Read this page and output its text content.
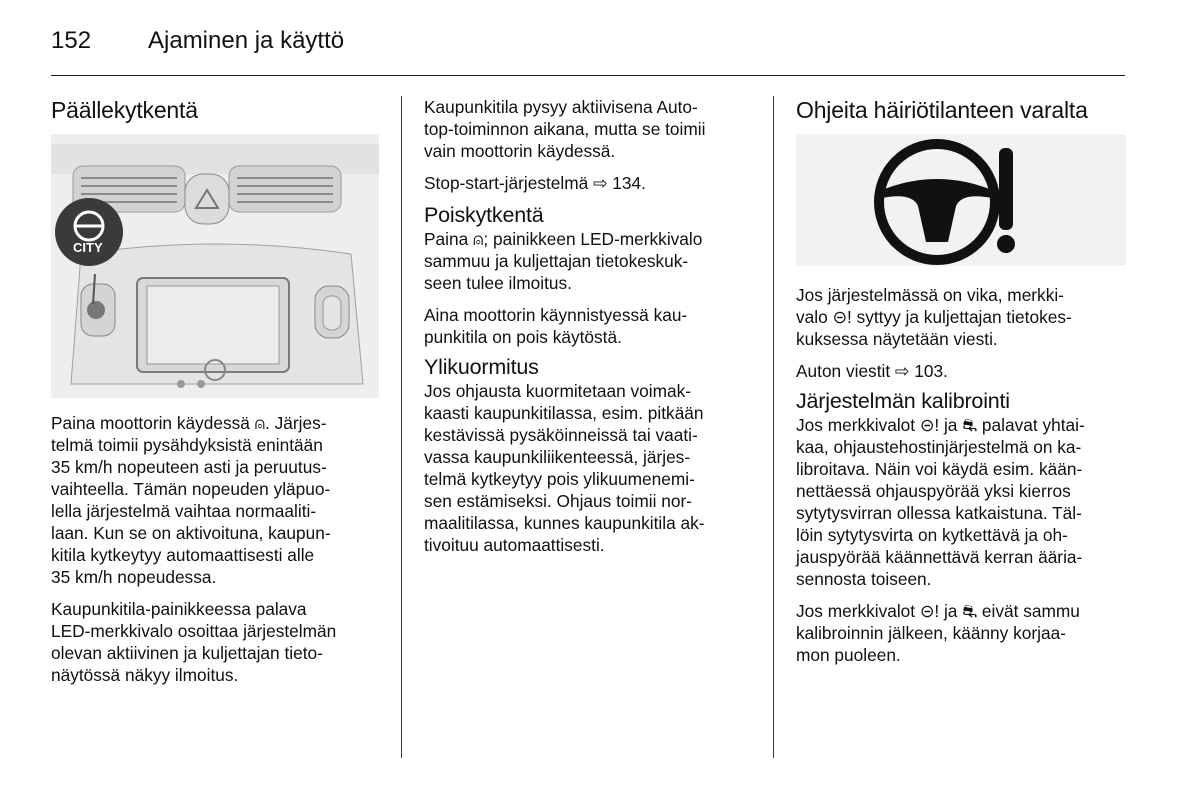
152 Ajaminen ja käyttö
Päällekytkentä
CITY

Paina moottorin käydessä ⍝. Järjes-
telmä toimii pysähdyksistä enintään
35 km/h nopeuteen asti ja peruutus-
vaihteella. Tämän nopeuden yläpuo-
lella järjestelmä vaihtaa normaaliti-
laan. Kun se on aktivoituna, kaupun-
kitila kytkeytyy automaattisesti alle
35 km/h nopeudessa.

Kaupunkitila-painikkeessa palava
LED-merkkivalo osoittaa järjestelmän
olevan aktiivinen ja kuljettajan tieto-
näytössä näkyy ilmoitus.

Kaupunkitila pysyy aktiivisena Auto-
top-toiminnon aikana, mutta se toimii
vain moottorin käydessä.

Stop-start-järjestelmä ⇨ 134.

Poiskytkentä

Paina ⍝; painikkeen LED-merkkivalo
sammuu ja kuljettajan tietokeskuk-
seen tulee ilmoitus.

Aina moottorin käynnistyessä kau-
punkitila on pois käytöstä.

Ylikuormitus

Jos ohjausta kuormitetaan voimak-
kaasti kaupunkitilassa, esim. pitkään
kestävissä pysäköinneissä tai vaati-
vassa kaupunkiliikenteessä, järjes-
telmä kytkeytyy pois ylikuumenemi-
sen estämiseksi. Ohjaus toimii nor-
maalitilassa, kunnes kaupunkitila ak-
tivoituu automaattisesti.

Ohjeita häiriötilanteen varalta

Jos järjestelmässä on vika, merkki-
valo ⊝! syttyy ja kuljettajan tietokes-
kuksessa näytetään viesti.

Auton viestit ⇨ 103.

Järjestelmän kalibrointi

Jos merkkivalot ⊝! ja ⛐ palavat yhtai-
kaa, ohjaustehostinjärjestelmä on ka-
libroitava. Näin voi käydä esim. kään-
nettäessä ohjauspyörää yksi kierros
sytytysvirran ollessa katkaistuna. Täl-
löin sytytysvirta on kytkettävä ja oh-
jauspyörää käännettävä kerran ääria-
sennosta toiseen.

Jos merkkivalot ⊝! ja ⛐ eivät sammu
kalibroinnin jälkeen, käänny korjaa-
mon puoleen.
